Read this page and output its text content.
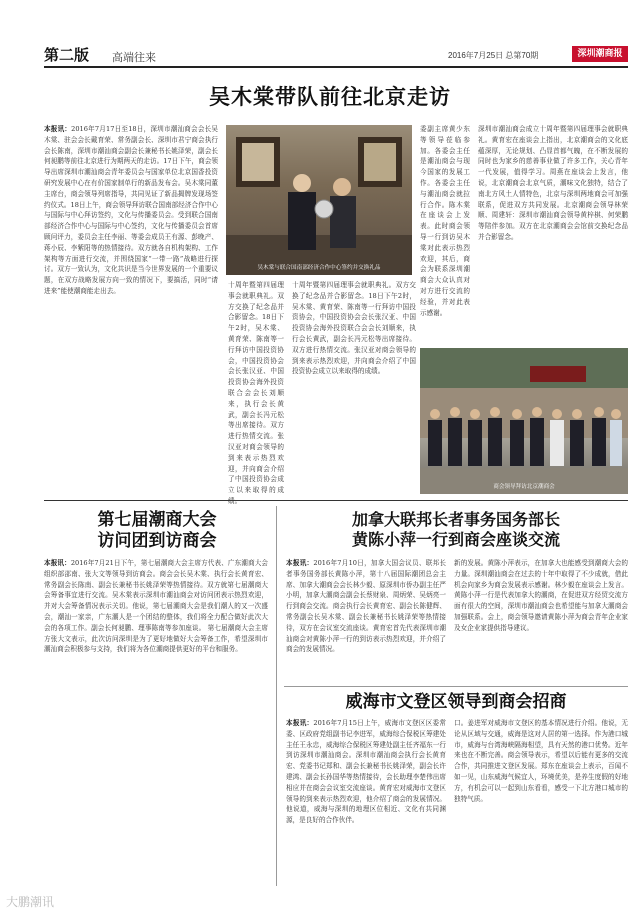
第二版 高端往来	2016年7月25日 总第70期	深圳潮商报
吴木棠带队前往北京走访
本报讯：2016年7月17日至18日，深圳市潮汕商会会长吴木棠、驻会会长戴育荣、常务副会长、深圳市君宁商会执行会长陈南，深圳市潮汕商会副会长兼秘书长姚泽荣，副会长何昶鹏等前往北京进行为期两天的走访。17日下午，商会领导出席深圳市潮汕商会青年委员会与国家单位北京国香投资研究发展中心在有价国家制单行的新品发布会。吴木棠同董主席台，商会领导列席指导，共同见证了新品揭牌发现场签约仪式。18日上午，商会领导拜访联合国南部经济合作中心与国际与中心拜访签约，文化与传播委员会。受到联合国南部经济合作中心与国际与中心签约，文化与传播委员会首席顾问评力，委员会主任李丽、等委会成员王有源、彭晚产、蒋小辰、李紫阳等的热情接待。双方就各自机构架构、工作架构等方面进行交流，并围绕国家“一带一路”战略进行探讨。双方一致认为，文化共识是当今世界发展的一个重要议题，在双方战略发展方向一致的情况下，要搞活，同时“请进来”能使潮商能走出去。
吴木棠与联合国南部经济合作中心签约并交换礼品
十周年暨第四届理事会就职典礼。双方交换了纪念品并合影留念。18日下午2时，吴木棠、黄育荣、陈南等一行拜访中国投资协会，中国投资协会会长张汉亚、中国投资协会海外投资联合会会长刘顺来，执行会长黄武，副会长冯元松等出席接待。双方进行热情交流。张汉亚对商会领导的到来表示热烈欢迎，并向商会介绍了中国投资协会成立以来取得的成
十周年暨第四届理事会就职典礼。双方交换了纪念品并合影留念。18日下午2时，吴木棠、黄育荣、陈南等一行拜访中国投资协会，中国投资协会会长张汉亚、中国投资协会海外投资联合会会长刘顺来，执行会长黄武，副会长冯元松等出席接待。双方进行热情交流。张汉亚对商会领导的到来表示热烈欢迎，并向商会介绍了中国投资协会成立以来取得的成绩。
委副主席黄少东等领导莅临参加。各委会主任是潮汕商会与现今国家的发展工作。各委会主任与潮汕商会就拉行合作。陈木棠在座谈会上发表。此时商会领导一行到访吴木棠对此表示热烈欢迎，其后，商会为联系深圳潮商会大众认真对对方进行交流的经验，并对此表示感谢。
深圳市潮汕商会成立十周年暨第四届理事会就职典礼。黄育宏在座谈会上指出，北京潮商会的文化底蕴深厚，无论规划、凸显首都气魄，在不断发展的同时也为家乡的慈善事业做了许多工作，关心青年一代发展，值得学习。周燕在座谈会上发言，他说，北京潮商会北京气质，潮味文化独特，结合了南北方风土人情特色，北京与深圳两地商会可加强联系，促进双方共同发展。北京潮商会领导林荣顺、周建轩：深圳市潮汕商会领导黄梓棋、何荣鹏等陪伴参加。双方在北京潮商会会馆前交换纪念品并合影留念。
商会领导拜访北京潮商会
第七届潮商大会
访问团到访商会
本报讯：2016年7月21日下午，第七届潮商大会主席方代表、广东潮商大会组织部邵南、张大文等领导到访商会。商会会长吴木棠、执行会长黄育宏、常务副会长陈南、副会长兼秘书长姚泽荣等热情接待。双方就第七届潮商大会筹备事宜进行交流。吴木棠表示深圳市潮汕商会对访问团表示热烈欢迎，并对大会筹备情况表示关切。他说，第七届潮商大会是我们潮人的又一次盛会，潮汕一家亲，广东潮人是一个团结的整体，我们将全力配合做好此次大会的各项工作。副会长何昶鹏、理事陈南等参加座谈。 第七届潮商大会主席方张大文表示，此次访问深圳是为了更好地做好大会筹备工作，希望深圳市潮汕商会积极参与支持，我们将为各位潮商提供更好的平台和服务。
加拿大联邦长者事务国务部长
黄陈小萍一行到商会座谈交流
本报讯：2016年7月10日，加拿大国会议员、联邦长者事务国务部长黄陈小萍，第十八届国际潮团总会主席、加拿大潮商会会长林少毅、原深圳市侨办副主任严小明，加拿大潮商会副会长蔡财泉、周炳荣、吴炳亮一行到商会交流。商会执行会长黄育宏、副会长陈健辉、常务副会长吴木棠、副会长兼秘书长姚泽荣等热情接待，双方在会议室交流座谈。黄育宏首先代表深圳市潮汕商会对黄陈小萍一行的到访表示热烈欢迎，并介绍了商会的发展情况。
新的发展。黄陈小萍表示，在加拿大也能感受到潮商大会的力量。深圳潮汕商会在过去的十年中取得了不少成就，借此机会向家乡为商会发展表示感谢。林少毅在座谈会上发言。黄陈小萍一行是代表加拿大的潮商，在促进双方经贸交流方面有很大的空间，深圳市潮汕商会也希望能与加拿大潮商会加强联系。会上，商会领导邀请黄陈小萍为商会青年企业家及女企业家提供指导建议。
威海市文登区领导到商会招商
本报讯：2016年7月15日上午，威海市文登区区委常委、区政府党组副书记李进军，威海综合保税区筹建处主任王永忠，威海综合保税区筹建处副主任齐福东一行到访深圳市潮汕商会。深圳市潮汕商会执行会长黄育宏、党委书记郑和、副会长兼秘书长姚泽荣，副会长许建鸿、副会长孙国华等热情接待，会长助理李楚伟出席相应并在商会会议室交流座谈。黄育宏对威海市文登区领导的到来表示热烈欢迎，他介绍了商会的发展情况。他说道，威海与深圳的地理区位相近、文化有共同渊源，是良好的合作伙伴。
口。姜进军对威海市文登区的基本情况进行介绍。他说，无论从区域与交通，威海是这对人居的第一选择。作为港口城市，威海与台湾海峡隔海相望，具有天然的港口优势。近年来也在不断完善。商会领导表示，希望以后能有更多的交流合作，共同推进文登区发展。郑东在座谈会上表示，百闻不如一见，山东威海气候宜人，环境优美，是养生度假的好地方，有机会可以一起到山东看看，感受一下北方港口城市的独特气质。
大鹏潮讯
